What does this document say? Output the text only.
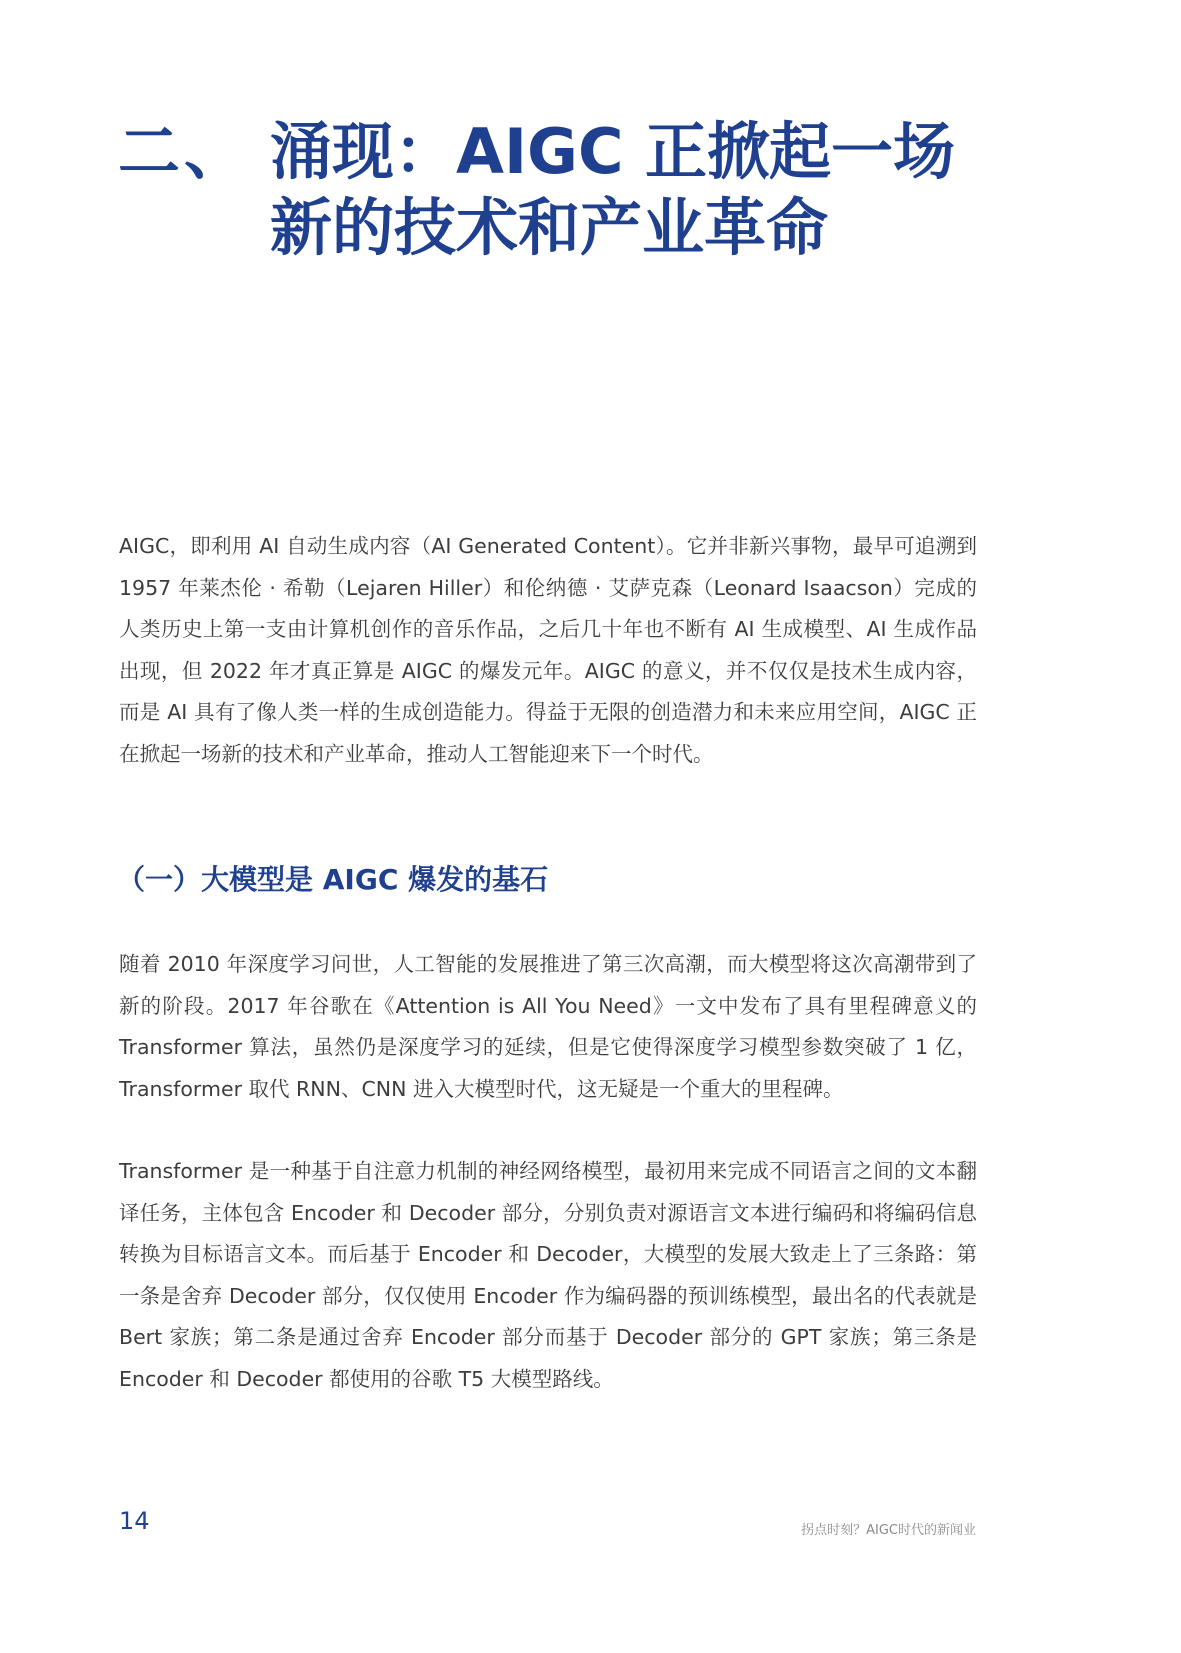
二、 涌现：AIGC 正掀起一场
新的技术和产业革命

AIGC，即利用 AI 自动生成内容（AI Generated Content）。它并非新兴事物，最早可追溯到 1957 年莱杰伦 · 希勒（Lejaren Hiller）和伦纳德 · 艾萨克森（Leonard Isaacson）完成的人类历史上第一支由计算机创作的音乐作品，之后几十年也不断有 AI 生成模型、AI 生成作品出现，但 2022 年才真正算是 AIGC 的爆发元年。AIGC 的意义，并不仅仅是技术生成内容，而是 AI 具有了像人类一样的生成创造能力。得益于无限的创造潜力和未来应用空间，AIGC 正在掀起一场新的技术和产业革命，推动人工智能迎来下一个时代。

（一）大模型是 AIGC 爆发的基石

随着 2010 年深度学习问世，人工智能的发展推进了第三次高潮，而大模型将这次高潮带到了新的阶段。2017 年谷歌在《Attention is All You Need》一文中发布了具有里程碑意义的 Transformer 算法，虽然仍是深度学习的延续，但是它使得深度学习模型参数突破了 1 亿，Transformer 取代 RNN、CNN 进入大模型时代，这无疑是一个重大的里程碑。

Transformer 是一种基于自注意力机制的神经网络模型，最初用来完成不同语言之间的文本翻译任务，主体包含 Encoder 和 Decoder 部分，分别负责对源语言文本进行编码和将编码信息转换为目标语言文本。而后基于 Encoder 和 Decoder，大模型的发展大致走上了三条路：第一条是舍弃 Decoder 部分，仅仅使用 Encoder 作为编码器的预训练模型，最出名的代表就是 Bert 家族；第二条是通过舍弃 Encoder 部分而基于 Decoder 部分的 GPT 家族；第三条是 Encoder 和 Decoder 都使用的谷歌 T5 大模型路线。

14	拐点时刻？AIGC时代的新闻业
